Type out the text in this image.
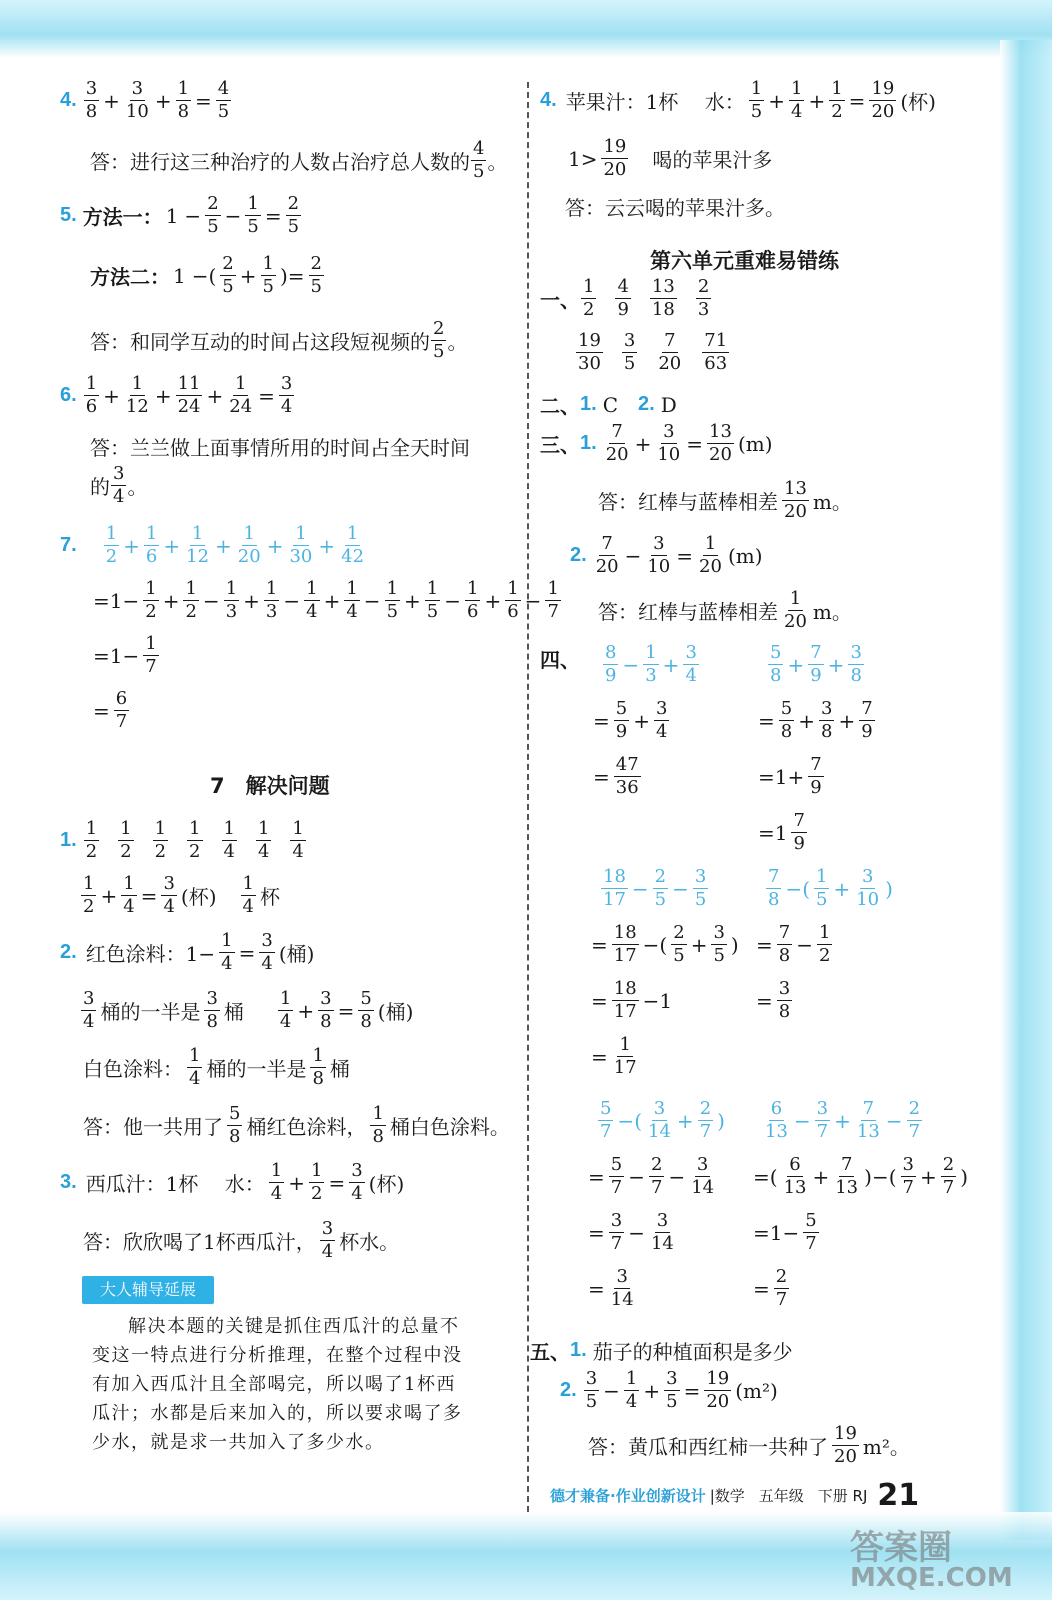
4. $\frac{3}{8} + \frac{3}{10} + \frac{1}{8} = \frac{4}{5}$
答：进行这三种治疗的人数占治疗总人数的 $\frac{4}{5}$ 。
5. 方法一： $1 - \frac{2}{5} - \frac{1}{5} = \frac{2}{5}$
方法二： 1 −( $\frac{2}{5} + \frac{1}{5}$ )= $\frac{2}{5}$
答：和同学互动的时间占这段短视频的 $\frac{2}{5}$ 。
6. $\frac{1}{6} + \frac{1}{12} + \frac{11}{24} + \frac{1}{24} = \frac{3}{4}$
答：兰兰做上面事情所用的时间占全天时间
的 $\frac{3}{4}$ 。
7. $\frac{1}{2} + \frac{1}{6} + \frac{1}{12} + \frac{1}{20} + \frac{1}{30} + \frac{1}{42}$
$=1- \frac{1}{2} + \frac{1}{2} - \frac{1}{3} + \frac{1}{3} - \frac{1}{4} + \frac{1}{4} - \frac{1}{5} + \frac{1}{5} - \frac{1}{6} + \frac{1}{6} - \frac{1}{7}$
$=1- \frac{1}{7}$
= $\frac{6}{7}$
7　解决问题
1. $\frac{1}{2} \frac{1}{2} \frac{1}{2} \frac{1}{2} \frac{1}{4} \frac{1}{4} \frac{1}{4}$
$\frac{1}{2} + \frac{1}{4} = \frac{3}{4}$ (杯) $\frac{1}{4}$ 杯
2. 红色涂料：$1- \frac{1}{4} = \frac{3}{4}$ (桶)
$\frac{3}{4}$ 桶的一半是 $\frac{3}{8}$ 桶 $\frac{1}{4} + \frac{3}{8} = \frac{5}{8}$ (桶)
白色涂料： $\frac{1}{4}$ 桶的一半是 $\frac{1}{8}$ 桶
答：他一共用了 $\frac{5}{8}$ 桶红色涂料， $\frac{1}{8}$ 桶白色涂料。
3. 西瓜汁：1杯　 水： $\frac{1}{4} + \frac{1}{2} = \frac{3}{4}$ (杯)
答：欣欣喝了1杯西瓜汁， $\frac{3}{4}$ 杯水。
大人辅导延展
解决本题的关键是抓住西瓜汁的总量不变这一特点进行分析推理，在整个过程中没有加入西瓜汁且全部喝完，所以喝了1杯西瓜汁；水都是后来加入的，所以要求喝了多少水，就是求一共加入了多少水。
4. 苹果汁：1杯　 水： $\frac{1}{5} + \frac{1}{4} + \frac{1}{2} = \frac{19}{20}$ (杯)
$1> \frac{19}{20}$ 　喝的苹果汁多
答：云云喝的苹果汁多。
第六单元重难易错练
一、 $\frac{1}{2} \frac{4}{9} \frac{13}{18} \frac{2}{3}$
$\frac{19}{30} \frac{3}{5} \frac{7}{20} \frac{71}{63}$
二、 1. C 2. D
三、 1. $\frac{7}{20} + \frac{3}{10} = \frac{13}{20} (m)$
答：红棒与蓝棒相差 $\frac{13}{20}$ m。
2. $\frac{7}{20} - \frac{3}{10} = \frac{1}{20} (m)$
答：红棒与蓝棒相差 $\frac{1}{20}$ m。
四、 $\frac{8}{9} - \frac{1}{3} + \frac{3}{4}$
= $\frac{5}{9} + \frac{3}{4}$
= $\frac{47}{36}$
$\frac{5}{8} + \frac{7}{9} + \frac{3}{8}$
= $\frac{5}{8} + \frac{3}{8} + \frac{7}{9}$
$=1+ \frac{7}{9}$
$=1 \frac{7}{9}$
$\frac{18}{17} - \frac{2}{5} - \frac{3}{5}$
= $\frac{18}{17}$ −( $\frac{2}{5} + \frac{3}{5}$ )
= $\frac{18}{17} -1$
= $\frac{1}{17}$
$\frac{7}{8}$ −( $\frac{1}{5} + \frac{3}{10}$ )
= $\frac{7}{8} - \frac{1}{2}$
= $\frac{3}{8}$
$\frac{5}{7}$ −( $\frac{3}{14} + \frac{2}{7}$ )
= $\frac{5}{7} - \frac{2}{7} - \frac{3}{14}$
= $\frac{3}{7} - \frac{3}{14}$
= $\frac{3}{14}$
$\frac{6}{13} - \frac{3}{7} + \frac{7}{13} - \frac{2}{7}$
=( $\frac{6}{13} + \frac{7}{13}$ )−( $\frac{3}{7} + \frac{2}{7}$ )
$=1- \frac{5}{7}$
= $\frac{2}{7}$
五、 1. 茄子的种植面积是多少
2. $\frac{3}{5} - \frac{1}{4} + \frac{3}{5} = \frac{19}{20} (m^2)$
答：黄瓜和西红柿一共种了 $\frac{19}{20} m^2$。
德才兼备·作业创新设计 |数学 五年级 下册 RJ 21
答案圈
MXQE.COM
